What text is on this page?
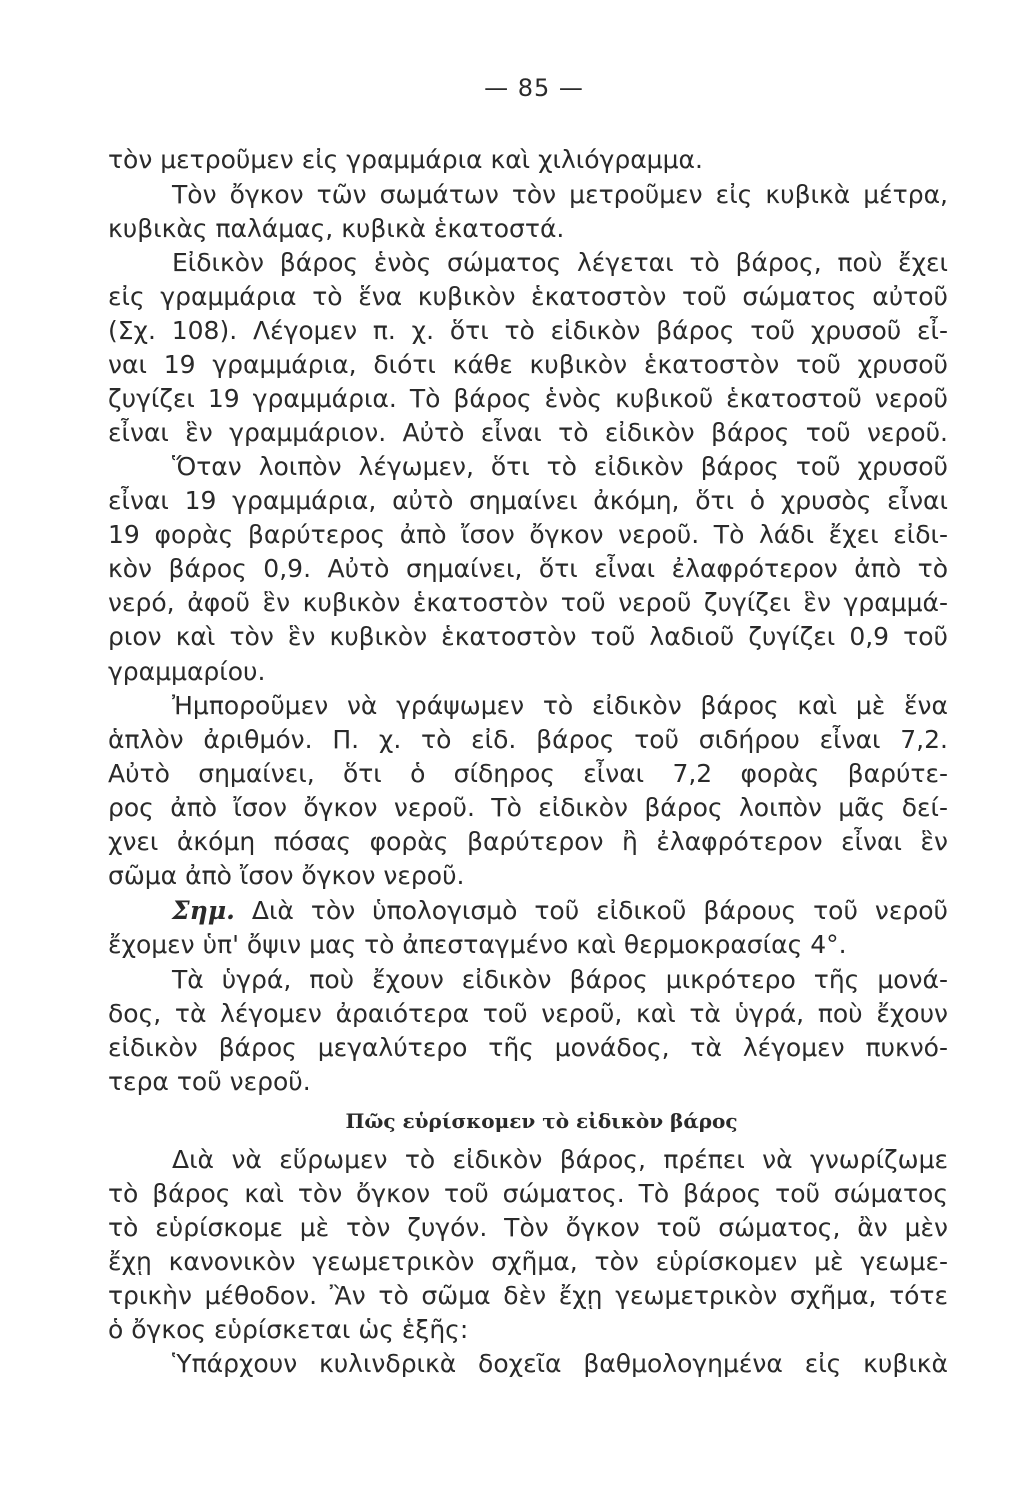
— 85 —
τὸν μετροῦμεν εἰς γραμμάρια καὶ χιλιόγραμμα.
Τὸν ὄγκον τῶν σωμάτων τὸν μετροῦμεν εἰς κυβικὰ μέτρα,
κυβικὰς παλάμας, κυβικὰ ἑκατοστά.
Εἰδικὸν βάρος ἑνὸς σώματος λέγεται τὸ βάρος, ποὺ ἔχει
εἰς γραμμάρια τὸ ἕνα κυβικὸν ἑκατοστὸν τοῦ σώματος αὐτοῦ
(Σχ. 108). Λέγομεν π. χ. ὅτι τὸ εἰδικὸν βάρος τοῦ χρυσοῦ εἶ-
ναι 19 γραμμάρια, διότι κάθε κυβικὸν ἑκατοστὸν τοῦ χρυσοῦ
ζυγίζει 19 γραμμάρια. Τὸ βάρος ἑνὸς κυβικοῦ ἑκατοστοῦ νεροῦ
εἶναι ἓν γραμμάριον. Αὐτὸ εἶναι τὸ εἰδικὸν βάρος τοῦ νεροῦ.
Ὅταν λοιπὸν λέγωμεν, ὅτι τὸ εἰδικὸν βάρος τοῦ χρυσοῦ
εἶναι 19 γραμμάρια, αὐτὸ σημαίνει ἀκόμη, ὅτι ὁ χρυσὸς εἶναι
19 φορὰς βαρύτερος ἀπὸ ἴσον ὄγκον νεροῦ. Τὸ λάδι ἔχει εἰδι-
κὸν βάρος 0,9. Αὐτὸ σημαίνει, ὅτι εἶναι ἐλαφρότερον ἀπὸ τὸ
νερό, ἀφοῦ ἓν κυβικὸν ἑκατοστὸν τοῦ νεροῦ ζυγίζει ἓν γραμμά-
ριον καὶ τὸν ἓν κυβικὸν ἑκατοστὸν τοῦ λαδιοῦ ζυγίζει 0,9 τοῦ
γραμμαρίου.
Ἠμποροῦμεν νὰ γράψωμεν τὸ εἰδικὸν βάρος καὶ μὲ ἕνα
ἁπλὸν ἀριθμόν. Π. χ. τὸ εἰδ. βάρος τοῦ σιδήρου εἶναι 7,2.
Αὐτὸ σημαίνει, ὅτι ὁ σίδηρος εἶναι 7,2 φορὰς βαρύτε-
ρος ἀπὸ ἴσον ὄγκον νεροῦ. Τὸ εἰδικὸν βάρος λοιπὸν μᾶς δεί-
χνει ἀκόμη πόσας φορὰς βαρύτερον ἢ ἐλαφρότερον εἶναι ἓν
σῶμα ἀπὸ ἴσον ὄγκον νεροῦ.
Σημ. Διὰ τὸν ὑπολογισμὸ τοῦ εἰδικοῦ βάρους τοῦ νεροῦ
ἔχομεν ὑπ' ὄψιν μας τὸ ἀπεσταγμένο καὶ θερμοκρασίας 4°.
Τὰ ὑγρά, ποὺ ἔχουν εἰδικὸν βάρος μικρότερο τῆς μονά-
δος, τὰ λέγομεν ἀραιότερα τοῦ νεροῦ, καὶ τὰ ὑγρά, ποὺ ἔχουν
εἰδικὸν βάρος μεγαλύτερο τῆς μονάδος, τὰ λέγομεν πυκνό-
τερα τοῦ νεροῦ.
Πῶς εὑρίσκομεν τὸ εἰδικὸν βάρος
Διὰ νὰ εὕρωμεν τὸ εἰδικὸν βάρος, πρέπει νὰ γνωρίζωμε
τὸ βάρος καὶ τὸν ὄγκον τοῦ σώματος. Τὸ βάρος τοῦ σώματος
τὸ εὑρίσκομε μὲ τὸν ζυγόν. Τὸν ὄγκον τοῦ σώματος, ἂν μὲν
ἔχῃ κανονικὸν γεωμετρικὸν σχῆμα, τὸν εὑρίσκομεν μὲ γεωμε-
τρικὴν μέθοδον. Ἂν τὸ σῶμα δὲν ἔχῃ γεωμετρικὸν σχῆμα, τότε
ὁ ὄγκος εὑρίσκεται ὡς ἑξῆς:
Ὑπάρχουν κυλινδρικὰ δοχεῖα βαθμολογημένα εἰς κυβικὰ
